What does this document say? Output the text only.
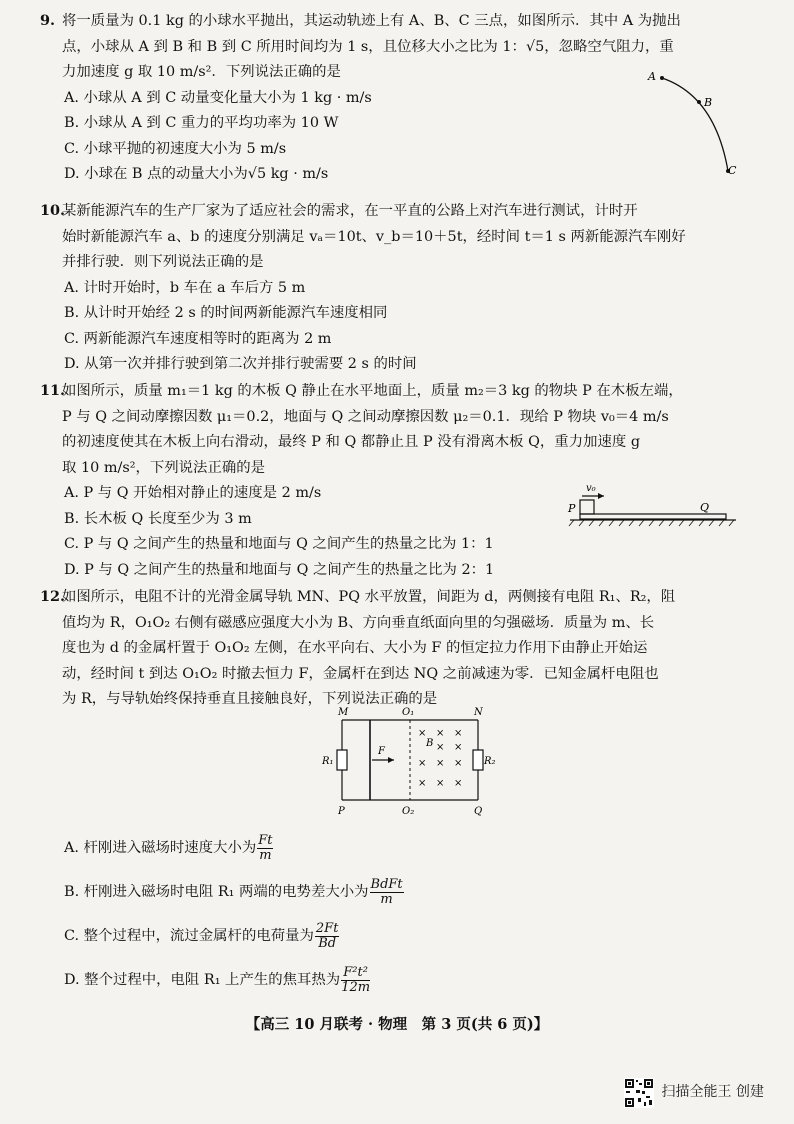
9. 将一质量为 0.1 kg 的小球水平抛出，其运动轨迹上有 A、B、C 三点，如图所示．其中 A 为抛出
点，小球从 A 到 B 和 B 到 C 所用时间均为 1 s，且位移大小之比为 1：√5，忽略空气阻力，重
力加速度 g 取 10 m/s²．下列说法正确的是
A. 小球从 A 到 C 动量变化量大小为 1 kg · m/s
B. 小球从 A 到 C 重力的平均功率为 10 W
C. 小球平抛的初速度大小为 5 m/s
D. 小球在 B 点的动量大小为√5 kg · m/s
A
B
C
10.某新能源汽车的生产厂家为了适应社会的需求，在一平直的公路上对汽车进行测试，计时开
始时新能源汽车 a、b 的速度分别满足 vₐ＝10t、v_b＝10＋5t，经时间 t＝1 s 两新能源汽车刚好
并排行驶．则下列说法正确的是
A. 计时开始时，b 车在 a 车后方 5 m
B. 从计时开始经 2 s 的时间两新能源汽车速度相同
C. 两新能源汽车速度相等时的距离为 2 m
D. 从第一次并排行驶到第二次并排行驶需要 2 s 的时间
11.如图所示，质量 m₁＝1 kg 的木板 Q 静止在水平地面上，质量 m₂＝3 kg 的物块 P 在木板左端，
P 与 Q 之间动摩擦因数 μ₁＝0.2，地面与 Q 之间动摩擦因数 μ₂＝0.1．现给 P 物块 v₀＝4 m/s
的初速度使其在木板上向右滑动，最终 P 和 Q 都静止且 P 没有滑离木板 Q，重力加速度 g
取 10 m/s²，下列说法正确的是
A. P 与 Q 开始相对静止的速度是 2 m/s
B. 长木板 Q 长度至少为 3 m
C. P 与 Q 之间产生的热量和地面与 Q 之间产生的热量之比为 1：1
D. P 与 Q 之间产生的热量和地面与 Q 之间产生的热量之比为 2：1
v₀
P	Q
12.如图所示，电阻不计的光滑金属导轨 MN、PQ 水平放置，间距为 d，两侧接有电阻 R₁、R₂，阻
值均为 R，O₁O₂ 右侧有磁感应强度大小为 B、方向垂直纸面向里的匀强磁场．质量为 m、长
度也为 d 的金属杆置于 O₁O₂ 左侧，在水平向右、大小为 F 的恒定拉力作用下由静止开始运
动，经时间 t 到达 O₁O₂ 时撤去恒力 F，金属杆在到达 NQ 之前减速为零．已知金属杆电阻也
为 R，与导轨始终保持垂直且接触良好，下列说法正确的是
M	N
P	Q
O₁
O₂
R₁	R₂
F
B
× × ×
× ×
× × ×
× × ×
A. 杆刚进入磁场时速度大小为 $\frac{Ft}{m}$
B. 杆刚进入磁场时电阻 R₁ 两端的电势差大小为 $\frac{\text{BdFt}}{m}$
C. 整个过程中，流过金属杆的电荷量为 $\frac{2Ft}{Bd}$
D. 整个过程中，电阻 R₁ 上产生的焦耳热为 $\frac{\text{F²t²}}{12m}$
【高三 10 月联考 · 物理　第 3 页(共 6 页)】
扫描全能王 创建
